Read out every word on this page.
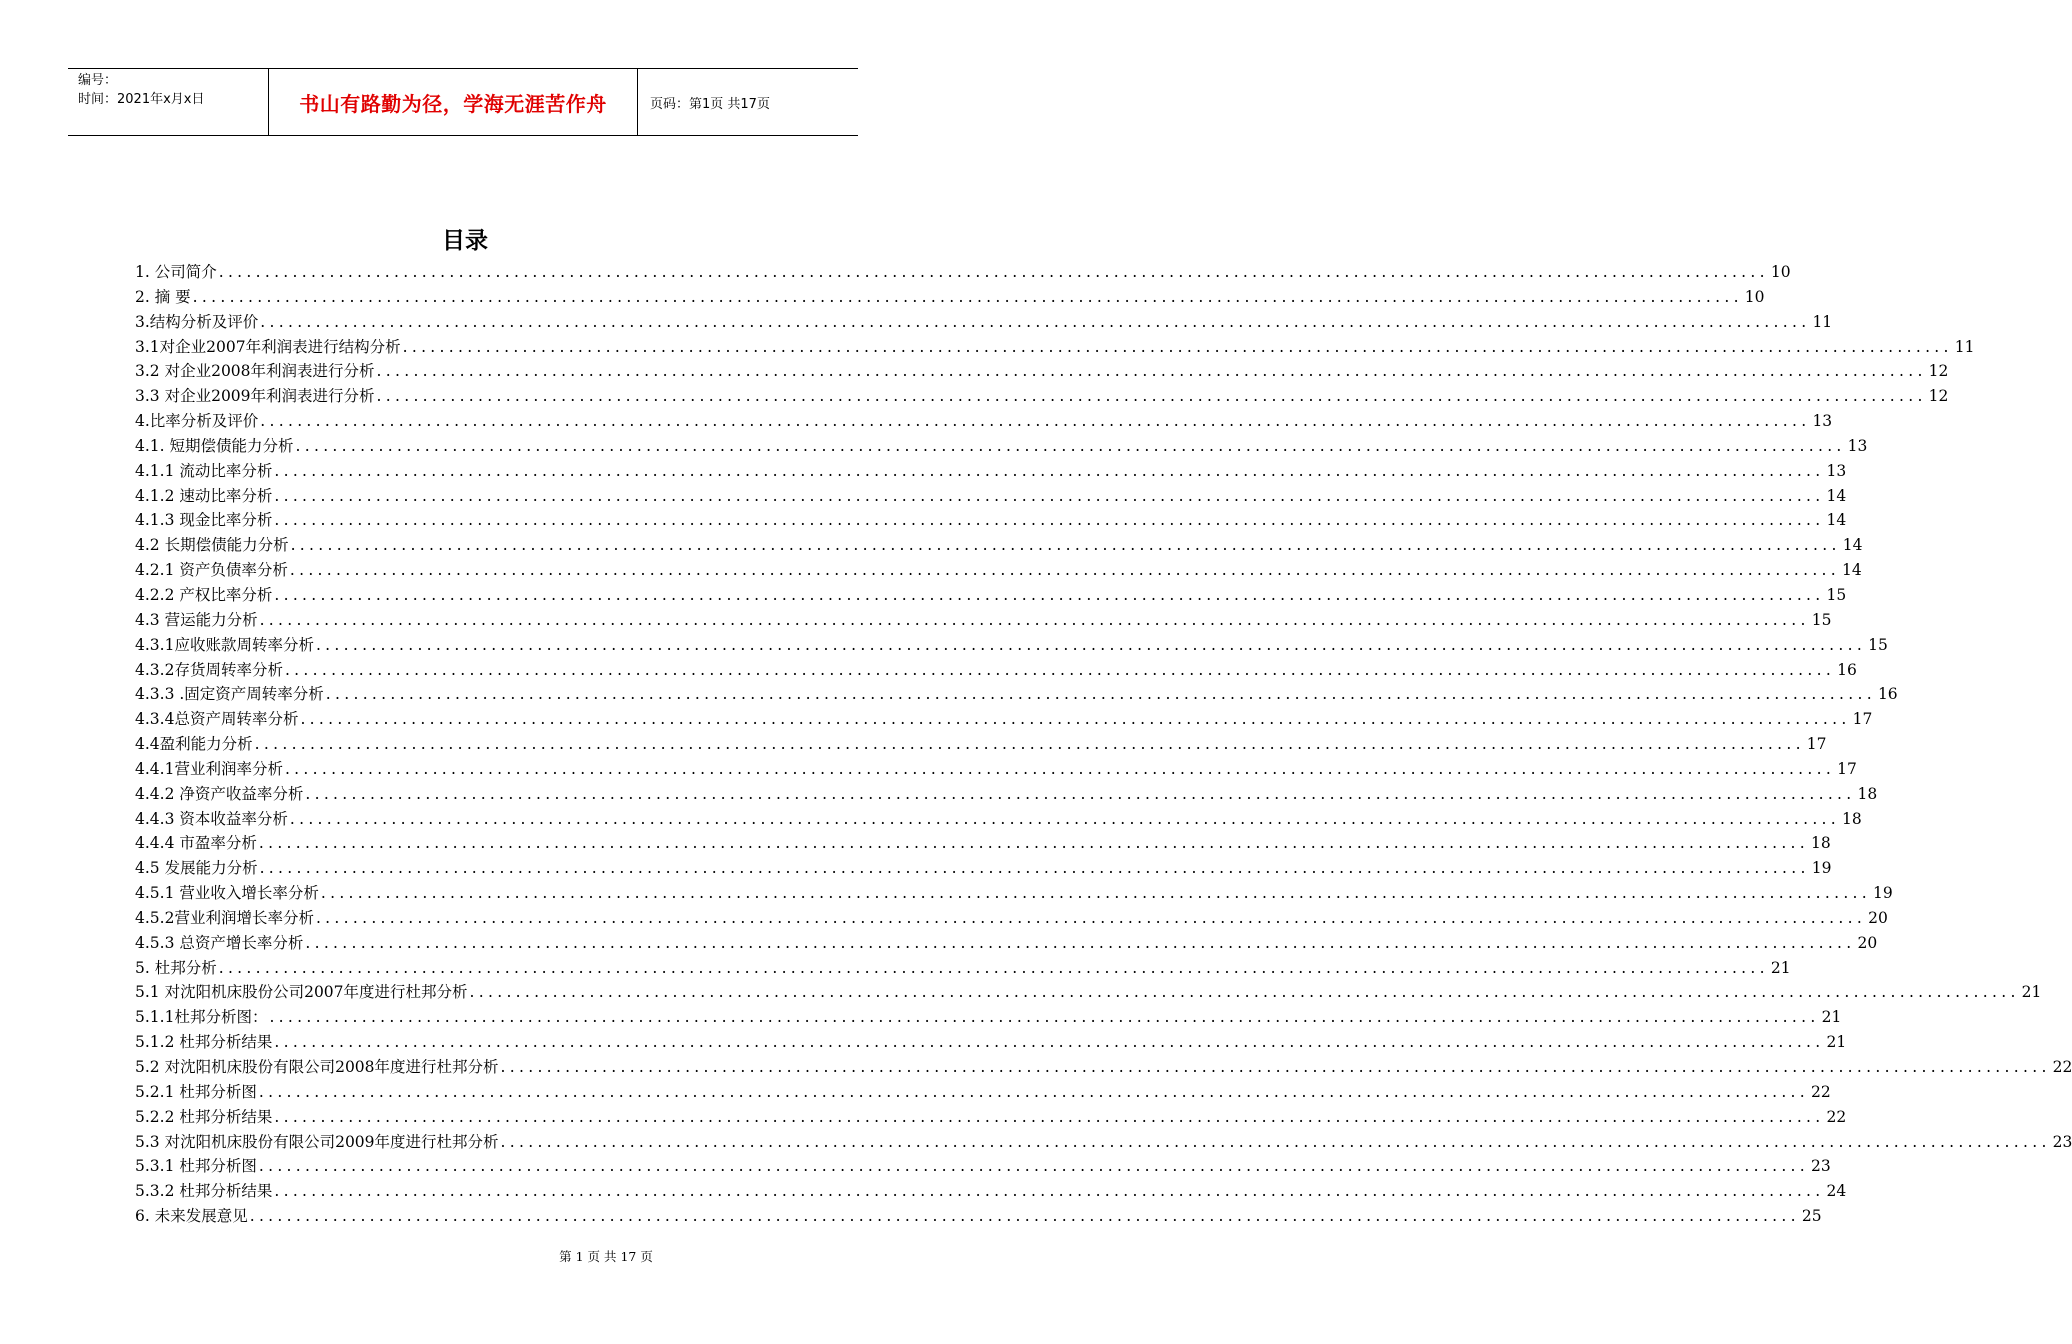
编号：
时间：2021年x月x日	书山有路勤为径，学海无涯苦作舟	页码：第1页 共17页
目录
1. 公司简介 ........................................................................................................................................................................ 10
2. 摘 要 ........................................................................................................................................................................ 10
3.结构分析及评价 ........................................................................................................................................................................ 11
3.1对企业2007年利润表进行结构分析 ........................................................................................................................................................................ 11
3.2 对企业2008年利润表进行分析 ........................................................................................................................................................................ 12
3.3 对企业2009年利润表进行分析 ........................................................................................................................................................................ 12
4.比率分析及评价 ........................................................................................................................................................................ 13
4.1. 短期偿债能力分析 ........................................................................................................................................................................ 13
4.1.1 流动比率分析 ........................................................................................................................................................................ 13
4.1.2 速动比率分析 ........................................................................................................................................................................ 14
4.1.3 现金比率分析 ........................................................................................................................................................................ 14
4.2 长期偿债能力分析 ........................................................................................................................................................................ 14
4.2.1 资产负债率分析 ........................................................................................................................................................................ 14
4.2.2 产权比率分析 ........................................................................................................................................................................ 15
4.3 营运能力分析 ........................................................................................................................................................................ 15
4.3.1应收账款周转率分析 ........................................................................................................................................................................ 15
4.3.2存货周转率分析 ........................................................................................................................................................................ 16
4.3.3 .固定资产周转率分析 ........................................................................................................................................................................ 16
4.3.4总资产周转率分析 ........................................................................................................................................................................ 17
4.4盈利能力分析 ........................................................................................................................................................................ 17
4.4.1营业利润率分析 ........................................................................................................................................................................ 17
4.4.2 净资产收益率分析 ........................................................................................................................................................................ 18
4.4.3 资本收益率分析 ........................................................................................................................................................................ 18
4.4.4 市盈率分析 ........................................................................................................................................................................ 18
4.5 发展能力分析 ........................................................................................................................................................................ 19
4.5.1 营业收入增长率分析 ........................................................................................................................................................................ 19
4.5.2营业利润增长率分析 ........................................................................................................................................................................ 20
4.5.3 总资产增长率分析 ........................................................................................................................................................................ 20
5. 杜邦分析 ........................................................................................................................................................................ 21
5.1 对沈阳机床股份公司2007年度进行杜邦分析 ........................................................................................................................................................................ 21
5.1.1杜邦分析图： ........................................................................................................................................................................ 21
5.1.2 杜邦分析结果 ........................................................................................................................................................................ 21
5.2 对沈阳机床股份有限公司2008年度进行杜邦分析 ........................................................................................................................................................................ 22
5.2.1 杜邦分析图 ........................................................................................................................................................................ 22
5.2.2 杜邦分析结果 ........................................................................................................................................................................ 22
5.3 对沈阳机床股份有限公司2009年度进行杜邦分析 ........................................................................................................................................................................ 23
5.3.1 杜邦分析图 ........................................................................................................................................................................ 23
5.3.2 杜邦分析结果 ........................................................................................................................................................................ 24
6. 未来发展意见 ........................................................................................................................................................................ 25
第 1 页 共 17 页
